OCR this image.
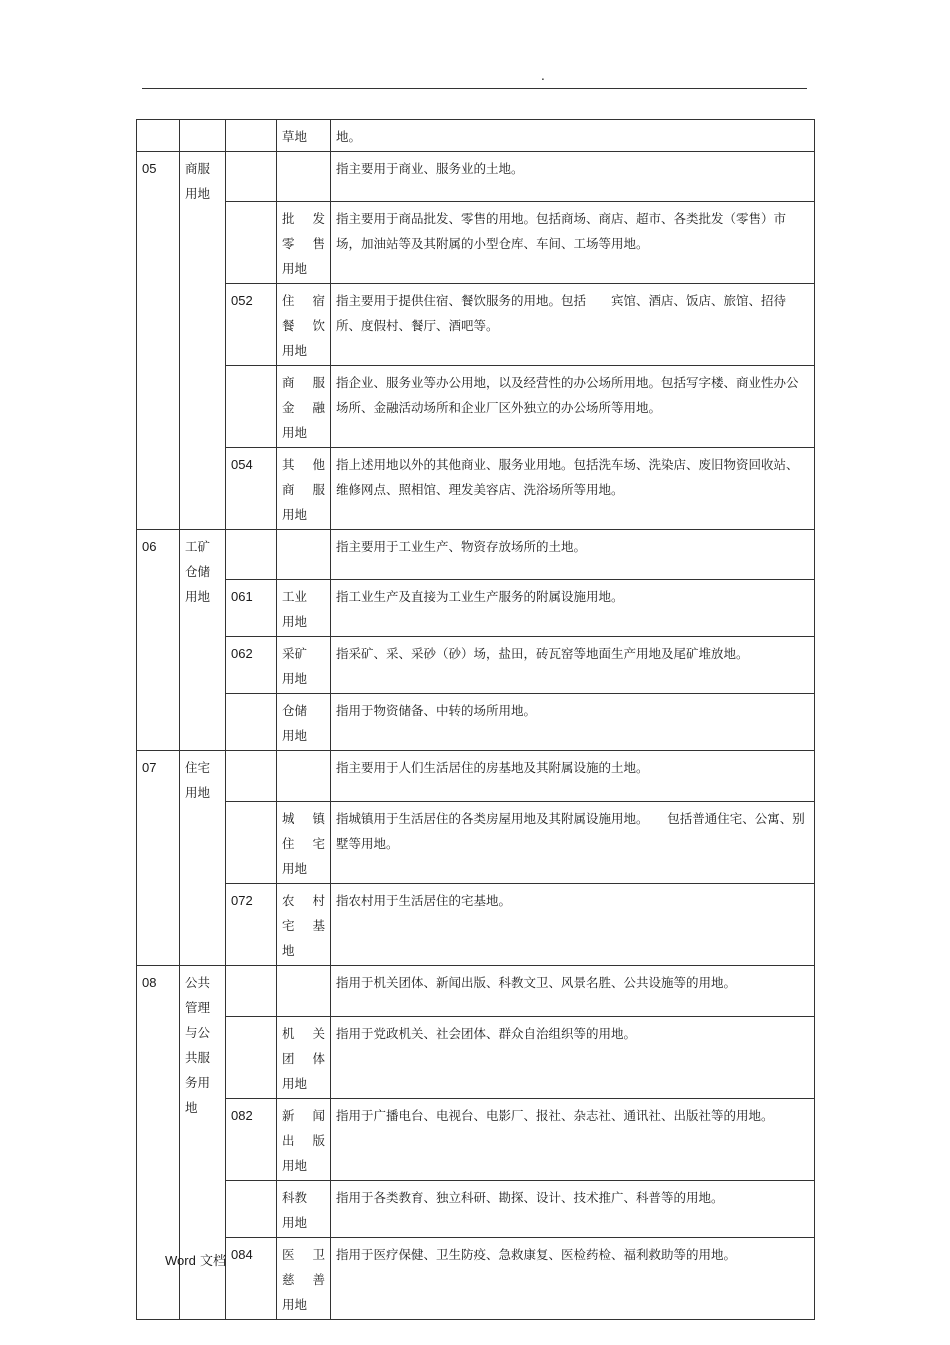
.

			草地	地。
05	商服用地			指主要用于商业、服务业的土地。

			批发
零售
用地	指主要用于商品批发、零售的用地。包括商场、商店、超市、各类批发（零售）市场，加油站等及其附属的小型仓库、车间、工场等用地。
		052	住宿
餐饮
用地	指主要用于提供住宿、餐饮服务的用地。包括　　宾馆、酒店、饭店、旅馆、招待所、度假村、餐厅、酒吧等。

			商服
金融
用地	指企业、服务业等办公用地，以及经营性的办公场所用地。包括写字楼、商业性办公场所、金融活动场所和企业厂区外独立的办公场所等用地。
		054	其他
商服
用地	指上述用地以外的其他商业、服务业用地。包括洗车场、洗染店、废旧物资回收站、维修网点、照相馆、理发美容店、洗浴场所等用地。
06	工矿仓储用地			指主要用于工业生产、物资存放场所的土地。
		061	工业
用地	指工业生产及直接为工业生产服务的附属设施用地。
		062	采矿
用地	指采矿、采、采砂（砂）场，盐田，砖瓦窑等地面生产用地及尾矿堆放地。

			仓储
用地	指用于物资储备、中转的场所用地。
07	住宅用地			指主要用于人们生活居住的房基地及其附属设施的土地。

			城镇
住宅
用地	指城镇用于生活居住的各类房屋用地及其附属设施用地。　　包括普通住宅、公寓、别墅等用地。
		072	农村
宅基
地	指农村用于生活居住的宅基地。
08	公共管理与公共服务用地			指用于机关团体、新闻出版、科教文卫、风景名胜、公共设施等的用地。

			机关
团体
用地	指用于党政机关、社会团体、群众自治组织等的用地。
		082	新闻
出版
用地	指用于广播电台、电视台、电影厂、报社、杂志社、通讯社、出版社等的用地。

			科教
用地	指用于各类教育、独立科研、勘探、设计、技术推广、科普等的用地。
		084	医卫
慈善
用地	指用于医疗保健、卫生防疫、急救康复、医检药检、福利救助等的用地。
Word 文档
